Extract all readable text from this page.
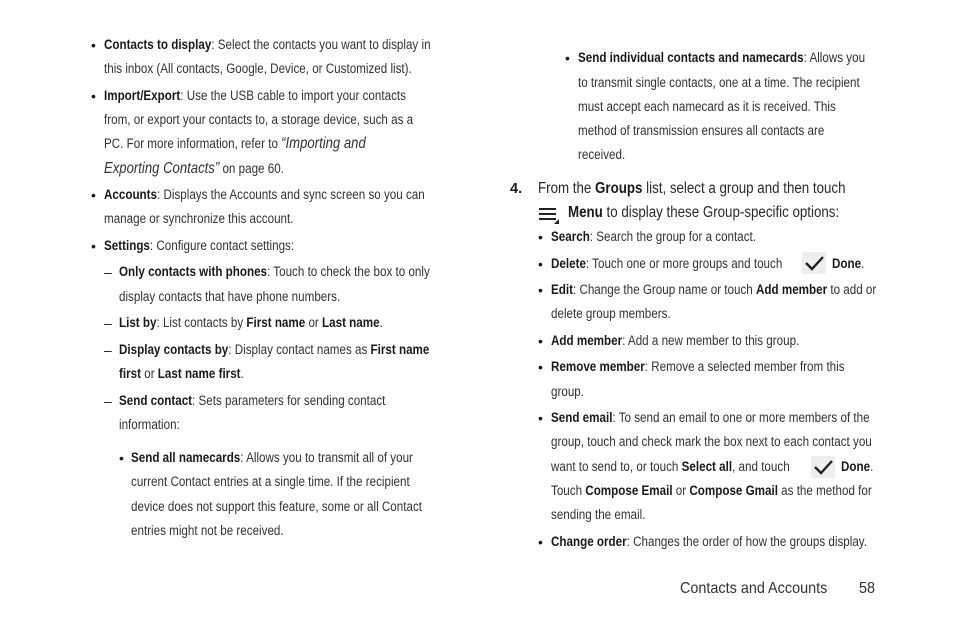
• Contacts to display: Select the contacts you want to display in
this inbox (All contacts, Google, Device, or Customized list).
• Import/Export: Use the USB cable to import your contacts
from, or export your contacts to, a storage device, such as a
PC. For more information, refer to “Importing and
Exporting Contacts” on page 60.
• Accounts: Displays the Accounts and sync screen so you can
manage or synchronize this account.
• Settings: Configure contact settings:
– Only contacts with phones: Touch to check the box to only
display contacts that have phone numbers.
– List by: List contacts by First name or Last name.
– Display contacts by: Display contact names as First name
first or Last name first.
– Send contact: Sets parameters for sending contact
information:
• Send all namecards: Allows you to transmit all of your
current Contact entries at a single time. If the recipient
device does not support this feature, some or all Contact
entries might not be received.
• Send individual contacts and namecards: Allows you
to transmit single contacts, one at a time. The recipient
must accept each namecard as it is received. This
method of transmission ensures all contacts are
received.
4. From the Groups list, select a group and then touch
Menu to display these Group-specific options:
• Search: Search the group for a contact.
• Delete: Touch one or more groups and touch	Done.
• Edit: Change the Group name or touch Add member to add or
delete group members.
• Add member: Add a new member to this group.
• Remove member: Remove a selected member from this
group.
• Send email: To send an email to one or more members of the
group, touch and check mark the box next to each contact you
want to send to, or touch Select all, and touch	Done.
Touch Compose Email or Compose Gmail as the method for
sending the email.
• Change order: Changes the order of how the groups display.
Contacts and Accounts 58
